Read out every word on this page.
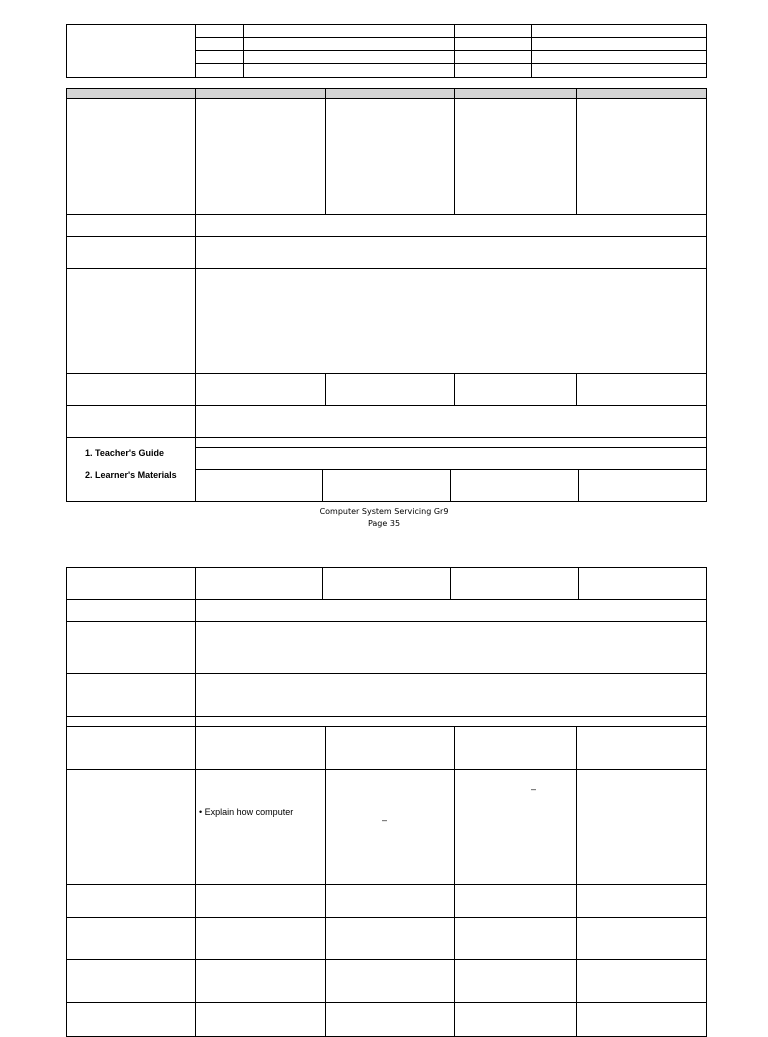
1. Teacher's Guide
2. Learner's Materials
Computer System Servicing Gr9
Page 35
• Explain how computer
–
–
